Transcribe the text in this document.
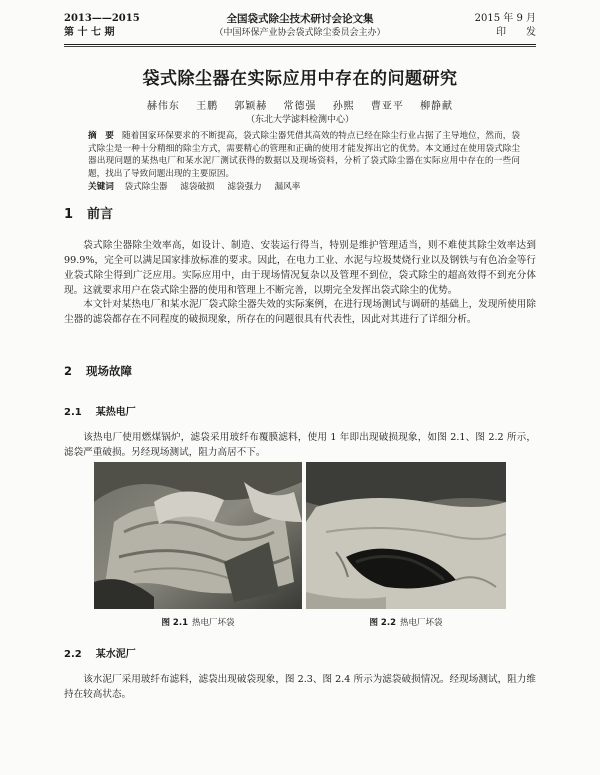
2013——2015
第 十 七 期
全国袋式除尘技术研讨会论文集
（中国环保产业协会袋式除尘委员会主办）
2015 年 9 月
印　　发
袋式除尘器在实际应用中存在的问题研究
赫伟东 王鹏 郭颖赫 常德强 孙熙 曹亚平 柳静献
（东北大学滤料检测中心）
摘　要 随着国家环保要求的不断提高，袋式除尘器凭借其高效的特点已经在除尘行业占据了主导地位，然而，袋式除尘是一种十分精细的除尘方式，需要精心的管理和正确的使用才能发挥出它的优势。本文通过在使用袋式除尘器出现问题的某热电厂和某水泥厂测试获得的数据以及现场资料，分析了袋式除尘器在实际应用中存在的一些问题，找出了导致问题出现的主要原因。
关键词 袋式除尘器 滤袋破损 滤袋强力 漏风率
1 前言
袋式除尘器除尘效率高，如设计、制造、安装运行得当，特别是维护管理适当，则不难使其除尘效率达到 99.9%，完全可以满足国家排放标准的要求。因此，在电力工业、水泥与垃圾焚烧行业以及钢铁与有色冶金等行业袋式除尘得到广泛应用。实际应用中，由于现场情况复杂以及管理不到位，袋式除尘的超高效得不到充分体现。这就要求用户在袋式除尘器的使用和管理上不断完善，以期完全发挥出袋式除尘的优势。
本文针对某热电厂和某水泥厂袋式除尘器失效的实际案例，在进行现场测试与调研的基础上，发现所使用除尘器的滤袋都存在不同程度的破损现象，所存在的问题很具有代表性，因此对其进行了详细分析。
2 现场故障
2.1 某热电厂
该热电厂使用燃煤锅炉，滤袋采用玻纤布覆膜滤料，使用 1 年即出现破损现象，如图 2.1、图 2.2 所示，滤袋严重破损。另经现场测试，阻力高居不下。
图 2.1 热电厂坏袋	图 2.2 热电厂坏袋
2.2 某水泥厂
该水泥厂采用玻纤布滤料，滤袋出现破袋现象，图 2.3、图 2.4 所示为滤袋破损情况。经现场测试，阻力维持在较高状态。
